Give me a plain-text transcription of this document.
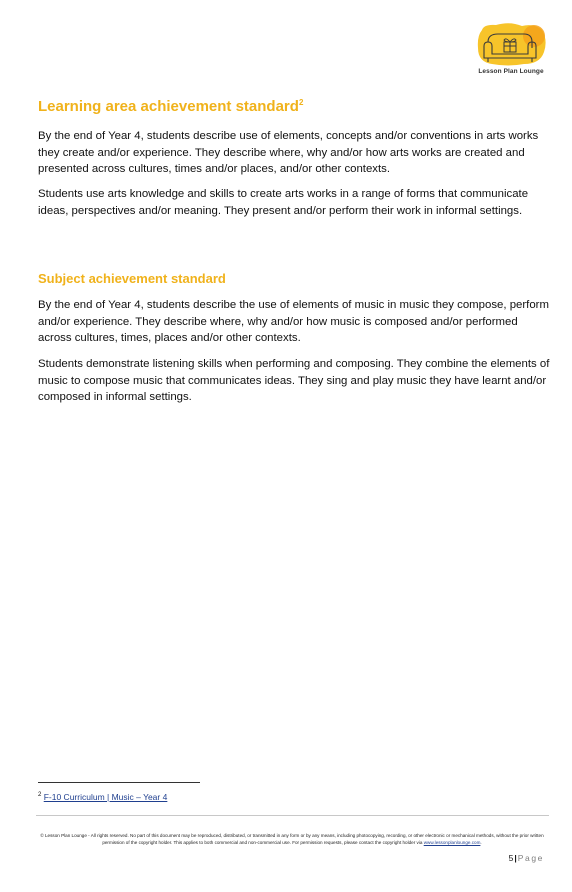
Lesson Plan Lounge
Learning area achievement standard$^2$

By the end of Year 4, students describe use of elements, concepts and/or conventions in arts works they create and/or experience. They describe where, why and/or how arts works are created and presented across cultures, times and/or places, and/or other contexts.

Students use arts knowledge and skills to create arts works in a range of forms that communicate ideas, perspectives and/or meaning. They present and/or perform their work in informal settings.

Subject achievement standard

By the end of Year 4, students describe the use of elements of music in music they compose, perform and/or experience. They describe where, why and/or how music is composed and/or performed across cultures, times, places and/or other contexts.

Students demonstrate listening skills when performing and composing. They combine the elements of music to compose music that communicates ideas. They sing and play music they have learnt and/or composed in informal settings.

$^2$ F-10 Curriculum | Music – Year 4
© Lesson Plan Lounge - All rights reserved. No part of this document may be reproduced, distributed, or transmitted in any form or by any means, including photocopying, recording, or other electronic or mechanical methods, without the prior written permission of the copyright holder. This applies to both commercial and non-commercial use. For permission requests, please contact the copyright holder via www.lessonplanlounge.com.
5|Page
